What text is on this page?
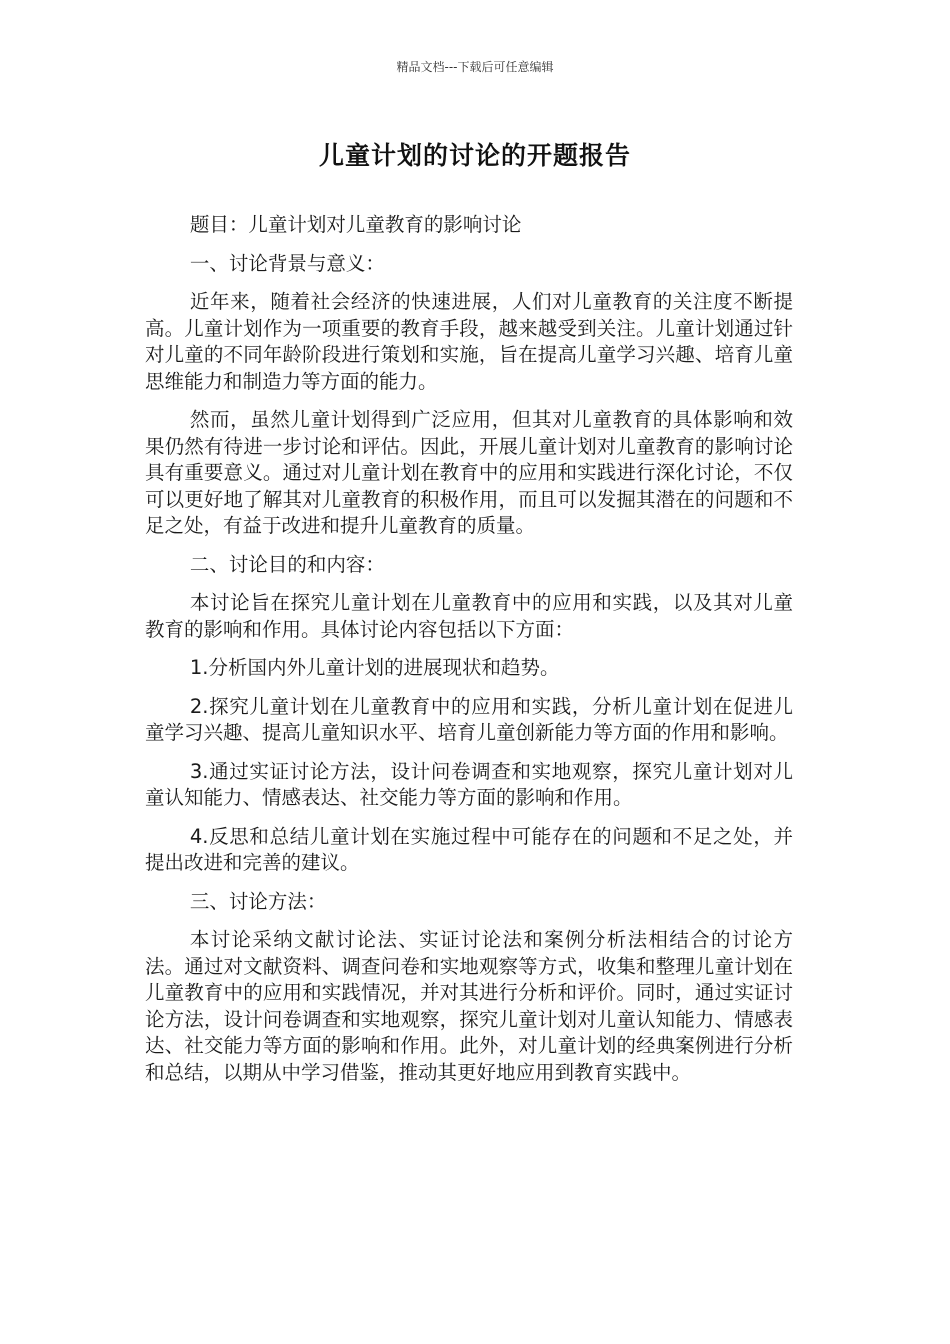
精品文档---下载后可任意编辑
儿童计划的讨论的开题报告

题目：儿童计划对儿童教育的影响讨论

一、讨论背景与意义：

近年来，随着社会经济的快速进展，人们对儿童教育的关注度不断提高。儿童计划作为一项重要的教育手段，越来越受到关注。儿童计划通过针对儿童的不同年龄阶段进行策划和实施，旨在提高儿童学习兴趣、培育儿童思维能力和制造力等方面的能力。

然而，虽然儿童计划得到广泛应用，但其对儿童教育的具体影响和效果仍然有待进一步讨论和评估。因此，开展儿童计划对儿童教育的影响讨论具有重要意义。通过对儿童计划在教育中的应用和实践进行深化讨论，不仅可以更好地了解其对儿童教育的积极作用，而且可以发掘其潜在的问题和不足之处，有益于改进和提升儿童教育的质量。

二、讨论目的和内容：

本讨论旨在探究儿童计划在儿童教育中的应用和实践，以及其对儿童教育的影响和作用。具体讨论内容包括以下方面：

1.分析国内外儿童计划的进展现状和趋势。

2.探究儿童计划在儿童教育中的应用和实践，分析儿童计划在促进儿童学习兴趣、提高儿童知识水平、培育儿童创新能力等方面的作用和影响。

3.通过实证讨论方法，设计问卷调查和实地观察，探究儿童计划对儿童认知能力、情感表达、社交能力等方面的影响和作用。

4.反思和总结儿童计划在实施过程中可能存在的问题和不足之处，并提出改进和完善的建议。

三、讨论方法：

本讨论采纳文献讨论法、实证讨论法和案例分析法相结合的讨论方法。通过对文献资料、调查问卷和实地观察等方式，收集和整理儿童计划在儿童教育中的应用和实践情况，并对其进行分析和评价。同时，通过实证讨论方法，设计问卷调查和实地观察，探究儿童计划对儿童认知能力、情感表达、社交能力等方面的影响和作用。此外，对儿童计划的经典案例进行分析和总结，以期从中学习借鉴，推动其更好地应用到教育实践中。
